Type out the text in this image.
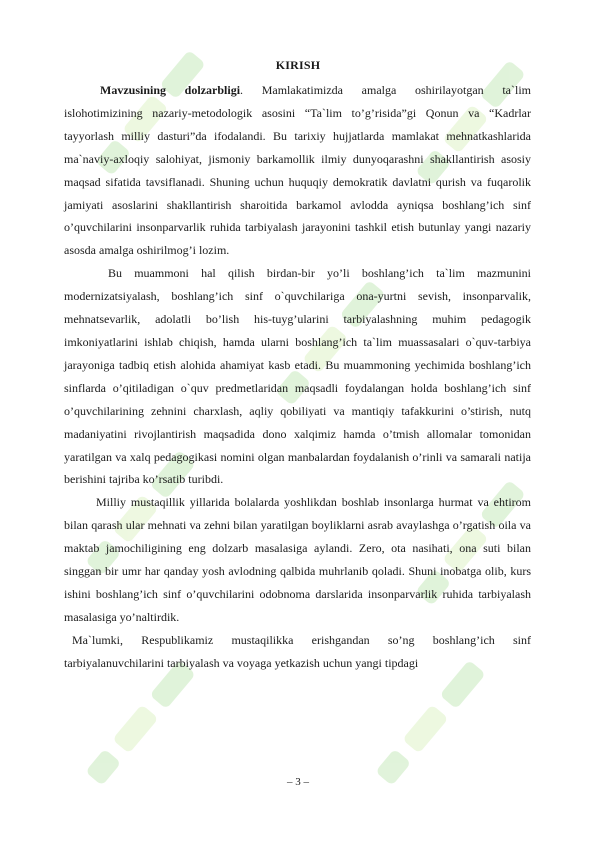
KIRISH

Mavzusining dolzarbligi. Mamlakatimizda amalga oshirilayotgan ta`lim islohotimizining nazariy-metodologik asosini “Ta`lim to’g’risida”gi Qonun va “Kadrlar tayyorlash milliy dasturi”da ifodalandi. Bu tarixiy hujjatlarda mamlakat mehnatkashlarida ma`naviy-axloqiy salohiyat, jismoniy barkamollik ilmiy dunyoqarashni shakllantirish asosiy maqsad sifatida tavsiflanadi. Shuning uchun huquqiy demokratik davlatni qurish va fuqarolik jamiyati asoslarini shakllantirish sharoitida barkamol avlodda ayniqsa boshlang’ich sinf o’quvchilarini insonparvarlik ruhida tarbiyalash jarayonini tashkil etish butunlay yangi nazariy asosda amalga oshirilmog’i lozim.

Bu muammoni hal qilish birdan-bir yo’li boshlang’ich ta`lim mazmunini modernizatsiyalash, boshlang’ich sinf o`quvchilariga ona-yurtni sevish, insonparvalik, mehnatsevarlik, adolatli bo’lish his-tuyg’ularini tarbiyalashning muhim pedagogik imkoniyatlarini ishlab chiqish, hamda ularni boshlang’ich ta`lim muassasalari o`quv-tarbiya jarayoniga tadbiq etish alohida ahamiyat kasb etadi. Bu muammoning yechimida boshlang’ich sinflarda o’qitiladigan o`quv predmetlaridan maqsadli foydalangan holda boshlang’ich sinf o’quvchilarining zehnini charxlash, aqliy qobiliyati va mantiqiy tafakkurini o’stirish, nutq madaniyatini rivojlantirish maqsadida dono xalqimiz hamda o’tmish allomalar tomonidan yaratilgan va xalq pedagogikasi nomini olgan manbalardan foydalanish o’rinli va samarali natija berishini tajriba ko’rsatib turibdi.

Milliy mustaqillik yillarida bolalarda yoshlikdan boshlab insonlarga hurmat va ehtirom bilan qarash ular mehnati va zehni bilan yaratilgan boyliklarni asrab avaylashga o’rgatish oila va maktab jamochiligining eng dolzarb masalasiga aylandi. Zero, ota nasihati, ona suti bilan singgan bir umr har qanday yosh avlodning qalbida muhrlanib qoladi. Shuni inobatga olib, kurs ishini boshlang’ich sinf o’quvchilarini odobnoma darslarida insonparvarlik ruhida tarbiyalash masalasiga yo’naltirdik.

Ma`lumki, Respublikamiz mustaqilikka erishgandan so’ng boshlang’ich sinf tarbiyalanuvchilarini tarbiyalash va voyaga yetkazish uchun yangi tipdagi

– 3 –
